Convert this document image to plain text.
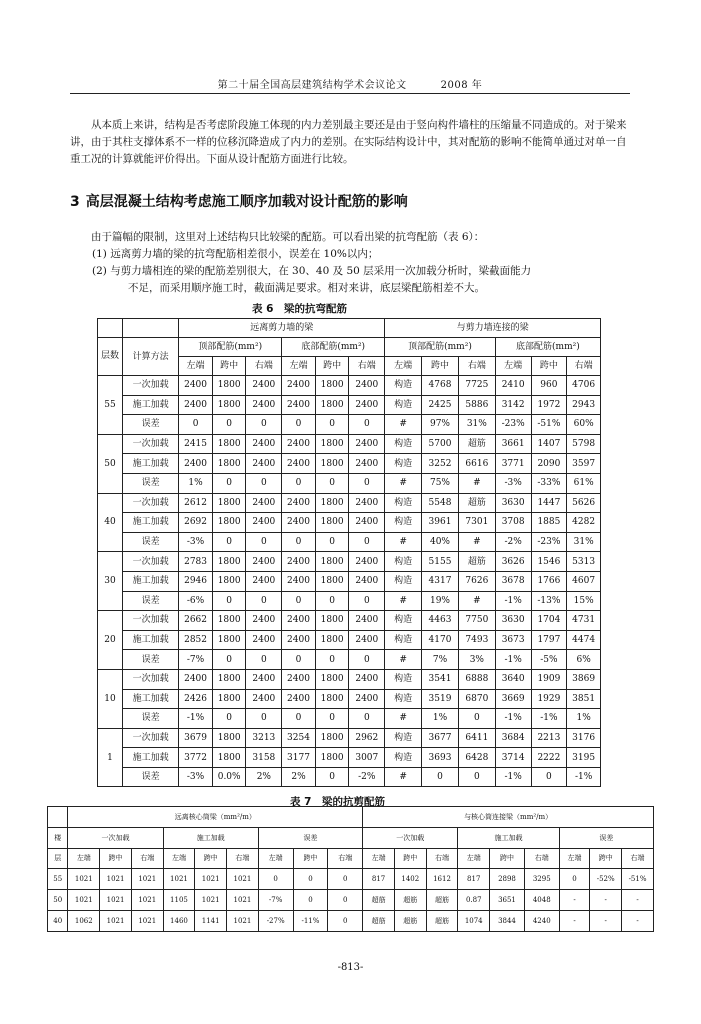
第二十届全国高层建筑结构学术会议论文	2008 年
从本质上来讲，结构是否考虑阶段施工体现的内力差别最主要还是由于竖向构件墙柱的压缩量不同造成的。对于梁来讲，由于其柱支撑体系不一样的位移沉降造成了内力的差别。在实际结构设计中，其对配筋的影响不能简单通过对单一自重工况的计算就能评价得出。下面从设计配筋方面进行比较。
3 高层混凝土结构考虑施工顺序加载对设计配筋的影响
由于篇幅的限制，这里对上述结构只比较梁的配筋。可以看出梁的抗弯配筋（表 6）：
(1) 远离剪力墙的梁的抗弯配筋相差很小，误差在 10%以内；
(2) 与剪力墙相连的梁的配筋差别很大，在 30、40 及 50 层采用一次加载分析时，梁截面能力
不足，而采用顺序施工时，截面满足要求。相对来讲，底层梁配筋相差不大。
表 6　梁的抗弯配筋
		远离剪力墙的梁						与剪力墙连接的梁					
层数	计算方法	顶部配筋(mm²)			底部配筋(mm²)			顶部配筋(mm²)			底部配筋(mm²)		
		左端	跨中	右端	左端	跨中	右端	左端	跨中	右端	左端	跨中	右端
55	一次加载	2400	1800	2400	2400	1800	2400	构造	4768	7725	2410	960	4706
	施工加载	2400	1800	2400	2400	1800	2400	构造	2425	5886	3142	1972	2943
	误差	0	0	0	0	0	0	#	97%	31%	-23%	-51%	60%
50	一次加载	2415	1800	2400	2400	1800	2400	构造	5700	超筋	3661	1407	5798
	施工加载	2400	1800	2400	2400	1800	2400	构造	3252	6616	3771	2090	3597
	误差	1%	0	0	0	0	0	#	75%	#	-3%	-33%	61%
40	一次加载	2612	1800	2400	2400	1800	2400	构造	5548	超筋	3630	1447	5626
	施工加载	2692	1800	2400	2400	1800	2400	构造	3961	7301	3708	1885	4282
	误差	-3%	0	0	0	0	0	#	40%	#	-2%	-23%	31%
30	一次加载	2783	1800	2400	2400	1800	2400	构造	5155	超筋	3626	1546	5313
	施工加载	2946	1800	2400	2400	1800	2400	构造	4317	7626	3678	1766	4607
	误差	-6%	0	0	0	0	0	#	19%	#	-1%	-13%	15%
20	一次加载	2662	1800	2400	2400	1800	2400	构造	4463	7750	3630	1704	4731
	施工加载	2852	1800	2400	2400	1800	2400	构造	4170	7493	3673	1797	4474
	误差	-7%	0	0	0	0	0	#	7%	3%	-1%	-5%	6%
10	一次加载	2400	1800	2400	2400	1800	2400	构造	3541	6888	3640	1909	3869
	施工加载	2426	1800	2400	2400	1800	2400	构造	3519	6870	3669	1929	3851
	误差	-1%	0	0	0	0	0	#	1%	0	-1%	-1%	1%
1	一次加载	3679	1800	3213	3254	1800	2962	构造	3677	6411	3684	2213	3176
	施工加载	3772	1800	3158	3177	1800	3007	构造	3693	6428	3714	2222	3195
	误差	-3%	0.0%	2%	2%	0	-2%	#	0	0	-1%	0	-1%
表 7　梁的抗剪配筋
	远离核心筒梁（mm²/m）									与核心筒连接梁（mm²/m）								
楼	一次加载			施工加载			误差			一次加载			施工加载			误差		
层	左端	跨中	右端	左端	跨中	右端	左端	跨中	右端	左端	跨中	右端	左端	跨中	右端	左端	跨中	右端
55	1021	1021	1021	1021	1021	1021	0	0	0	817	1402	1612	817	2898	3295	0	-52%	-51%
50	1021	1021	1021	1105	1021	1021	-7%	0	0	超筋	超筋	超筋	0.87	3651	4048	-	-	-
40	1062	1021	1021	1460	1141	1021	-27%	-11%	0	超筋	超筋	超筋	1074	3844	4240	-	-	-
-813-
